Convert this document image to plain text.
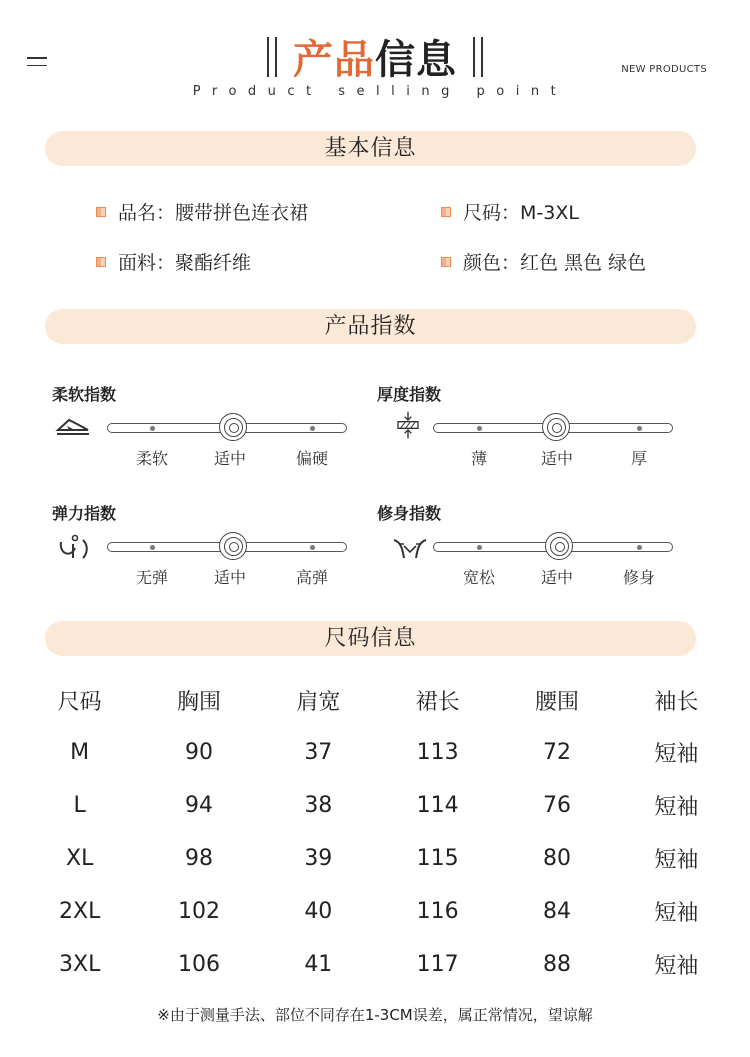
产品 信息
Product selling point
NEW PRODUCTS
基本信息
品名：腰带拼色连衣裙	尺码：M-3XL
面料：聚酯纤维	颜色：红色 黑色 绿色
产品指数
柔软指数
柔软	适中	偏硬
厚度指数
薄	适中	厚
弹力指数
无弹	适中	高弹
修身指数
宽松	适中	修身
尺码信息
尺码	胸围	肩宽	裙长	腰围	袖长
M	90	37	113	72	短袖
L	94	38	114	76	短袖
XL	98	39	115	80	短袖
2XL	102	40	116	84	短袖
3XL	106	41	117	88	短袖
※由于测量手法、部位不同存在1-3CM误差，属正常情况，望谅解
